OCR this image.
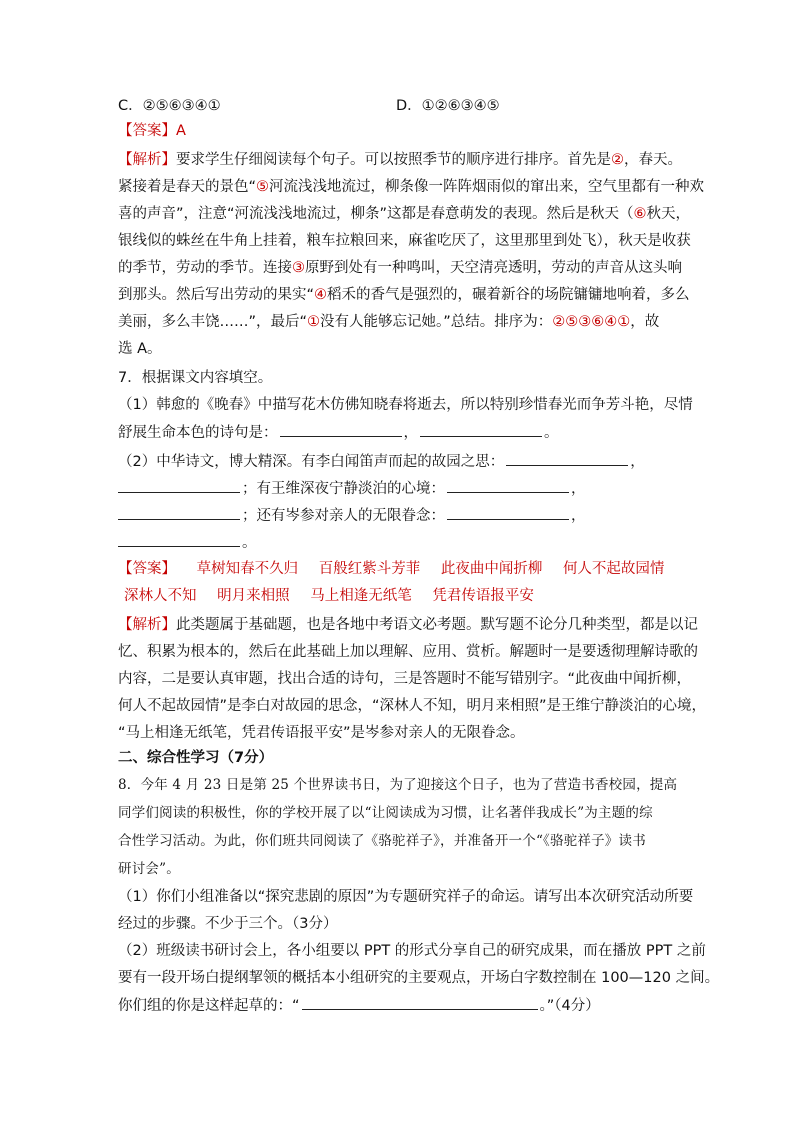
C．②⑤⑥③④①	D．①②⑥③④⑤
【答案】A
【解析】要求学生仔细阅读每个句子。可以按照季节的顺序进行排序。首先是②，春天。
紧接着是春天的景色“⑤河流浅浅地流过，柳条像一阵阵烟雨似的窜出来，空气里都有一种欢
喜的声音”，注意“河流浅浅地流过，柳条”这都是春意萌发的表现。然后是秋天（⑥秋天，
银线似的蛛丝在牛角上挂着，粮车拉粮回来，麻雀吃厌了，这里那里到处飞），秋天是收获
的季节，劳动的季节。连接③原野到处有一种鸣叫，天空清亮透明，劳动的声音从这头响
到那头。然后写出劳动的果实“④稻禾的香气是强烈的，碾着新谷的场院镛镛地响着，多么
美丽，多么丰饶……”，最后“①没有人能够忘记她。”总结。排序为：②⑤③⑥④①，故
选 A。
7．根据课文内容填空。
（1）韩愈的《晚春》中描写花木仿佛知晓春将逝去，所以特别珍惜春光而争芳斗艳，尽情
舒展生命本色的诗句是：	，	。
（2）中华诗文，博大精深。有李白闻笛声而起的故园之思：	，
；有王维深夜宁静淡泊的心境：	，
；还有岑参对亲人的无限眷念：	，
。
【答案】 草树知春不久归 百般红紫斗芳菲 此夜曲中闻折柳 何人不起故园情
深林人不知 明月来相照 马上相逢无纸笔 凭君传语报平安
【解析】此类题属于基础题，也是各地中考语文必考题。默写题不论分几种类型，都是以记
忆、积累为根本的，然后在此基础上加以理解、应用、赏析。解题时一是要透彻理解诗歌的
内容，二是要认真审题，找出合适的诗句，三是答题时不能写错别字。“此夜曲中闻折柳，
何人不起故园情”是李白对故园的思念，“深林人不知，明月来相照”是王维宁静淡泊的心境，
“马上相逢无纸笔，凭君传语报平安”是岑参对亲人的无限眷念。
二、综合性学习（7分）
8．今年 4 月 23 日是第 25 个世界读书日，为了迎接这个日子，也为了营造书香校园，提高
同学们阅读的积极性，你的学校开展了以“让阅读成为习惯，让名著伴我成长”为主题的综
合性学习活动。为此，你们班共同阅读了《骆驼祥子》，并准备开一个“《骆驼祥子》读书
研讨会”。
（1）你们小组准备以“探究悲剧的原因”为专题研究祥子的命运。请写出本次研究活动所要
经过的步骤。不少于三个。（3分）
（2）班级读书研讨会上，各小组要以 PPT 的形式分享自己的研究成果，而在播放 PPT 之前
要有一段开场白提纲挈领的概括本小组研究的主要观点，开场白字数控制在 100—120 之间。
你们组的你是这样起草的：“	。”（4分）
